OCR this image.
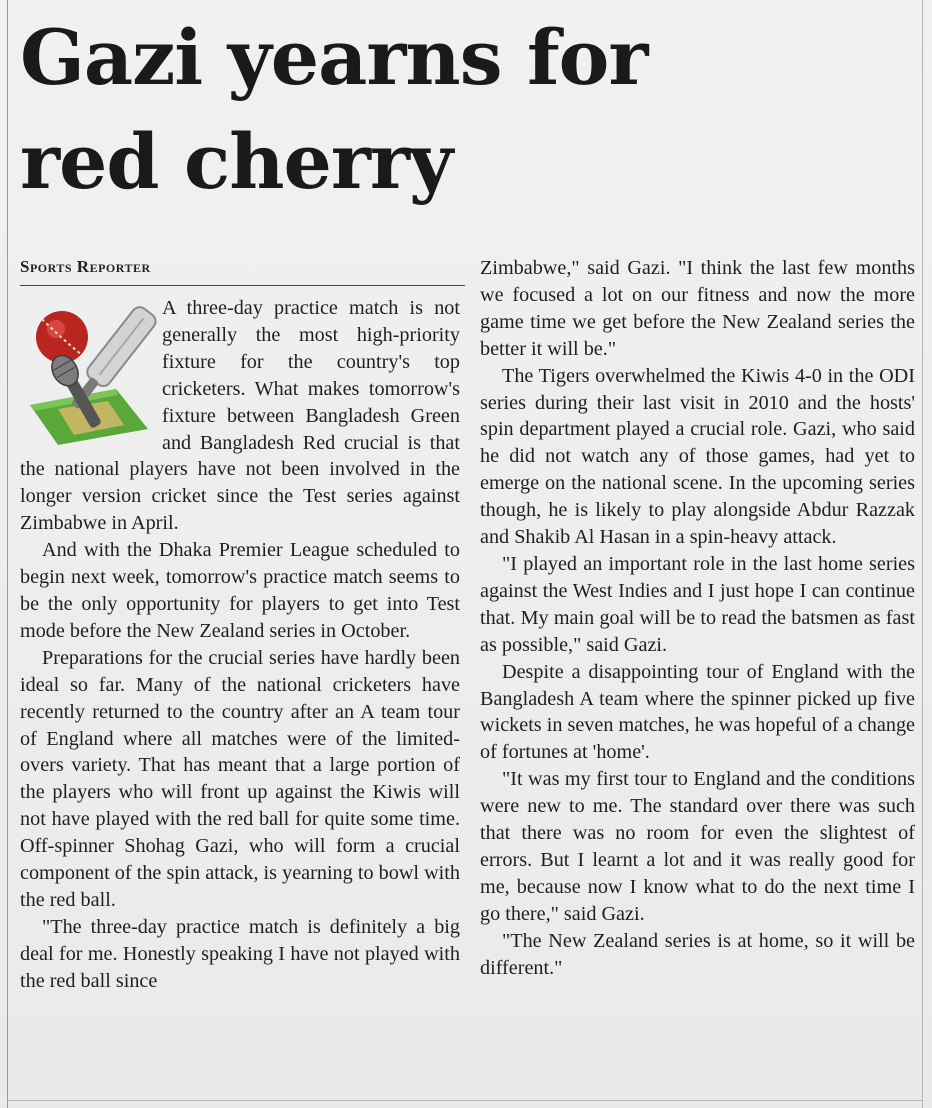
Gazi yearns for
red cherry
Sports Reporter

A three-day practice match is not generally the most high-priority fixture for the country's top cricketers. What makes tomorrow's fixture between Bangladesh Green and Bangladesh Red crucial is that the national players have not been involved in the longer version cricket since the Test series against Zimbabwe in April.

And with the Dhaka Premier League scheduled to begin next week, tomorrow's practice match seems to be the only opportunity for players to get into Test mode before the New Zealand series in October.

Preparations for the crucial series have hardly been ideal so far. Many of the national cricketers have recently returned to the country after an A team tour of England where all matches were of the limited-overs variety. That has meant that a large portion of the players who will front up against the Kiwis will not have played with the red ball for quite some time. Off-spinner Shohag Gazi, who will form a crucial component of the spin attack, is yearning to bowl with the red ball.

"The three-day practice match is definitely a big deal for me. Honestly speaking I have not played with the red ball since

Zimbabwe," said Gazi. "I think the last few months we focused a lot on our fitness and now the more game time we get before the New Zealand series the better it will be."

The Tigers overwhelmed the Kiwis 4-0 in the ODI series during their last visit in 2010 and the hosts' spin department played a crucial role. Gazi, who said he did not watch any of those games, had yet to emerge on the national scene. In the upcoming series though, he is likely to play alongside Abdur Razzak and Shakib Al Hasan in a spin-heavy attack.

"I played an important role in the last home series against the West Indies and I just hope I can continue that. My main goal will be to read the batsmen as fast as possible," said Gazi.

Despite a disappointing tour of England with the Bangladesh A team where the spinner picked up five wickets in seven matches, he was hopeful of a change of fortunes at 'home'.

"It was my first tour to England and the conditions were new to me. The standard over there was such that there was no room for even the slightest of errors. But I learnt a lot and it was really good for me, because now I know what to do the next time I go there," said Gazi.

"The New Zealand series is at home, so it will be different."
